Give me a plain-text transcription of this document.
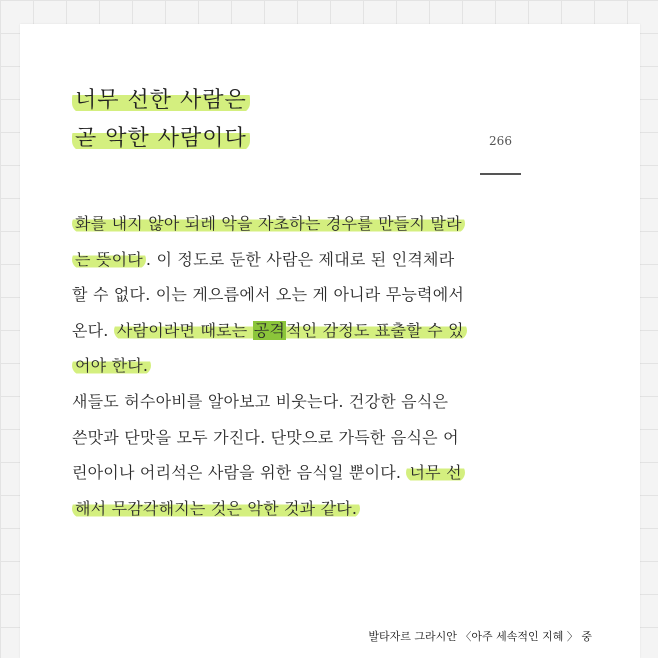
너무 선한 사람은
곧 악한 사람이다	266

화를 내지 않아 되레 악을 자초하는 경우를 만들지 말라
는 뜻이다 . 이 정도로 둔한 사람은 제대로 된 인격체라
할 수 없다. 이는 게으름에서 오는 게 아니라 무능력에서
온다. 사람이라면 때로는 공격적인 감정도 표출할 수 있
어야 한다.
새들도 허수아비를 알아보고 비웃는다. 건강한 음식은
쓴맛과 단맛을 모두 가진다. 단맛으로 가득한 음식은 어
린아이나 어리석은 사람을 위한 음식일 뿐이다. 너무 선
해서 무감각해지는 것은 악한 것과 같다.

발타자르 그라시안 〈아주 세속적인 지혜 〉 중
